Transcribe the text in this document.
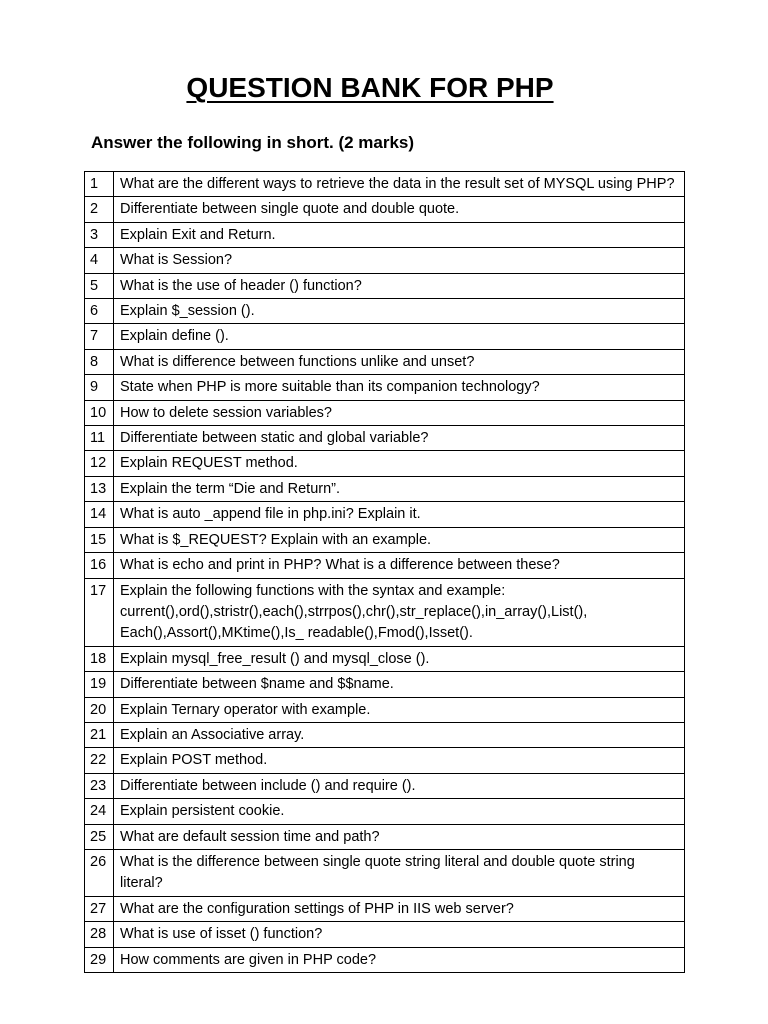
QUESTION BANK FOR PHP
Answer the following in short. (2 marks)
1	What are the different ways to retrieve the data in the result set of MYSQL using PHP?
2	Differentiate between single quote and double quote.
3	Explain Exit and Return.
4	What is Session?
5	What is the use of header () function?
6	Explain $_session ().
7	Explain define ().
8	What is difference between functions unlike and unset?
9	State when PHP is more suitable than its companion technology?
10	How to delete session variables?
11	Differentiate between static and global variable?
12	Explain REQUEST method.
13	Explain the term “Die and Return”.
14	What is auto _append file in php.ini? Explain it.
15	What is $_REQUEST? Explain with an example.
16	What is echo and print in PHP? What is a difference between these?
17	Explain the following functions with the syntax and example: current(),ord(),stristr(),each(),strrpos(),chr(),str_replace(),in_array(),List(), Each(),Assort(),MKtime(),Is_ readable(),Fmod(),Isset().
18	Explain mysql_free_result () and mysql_close ().
19	Differentiate between $name and $$name.
20	Explain Ternary operator with example.
21	Explain an Associative array.
22	Explain POST method.
23	Differentiate between include () and require ().
24	Explain persistent cookie.
25	What are default session time and path?
26	What is the difference between single quote string literal and double quote string literal?
27	What are the configuration settings of PHP in IIS web server?
28	What is use of isset () function?
29	How comments are given in PHP code?
